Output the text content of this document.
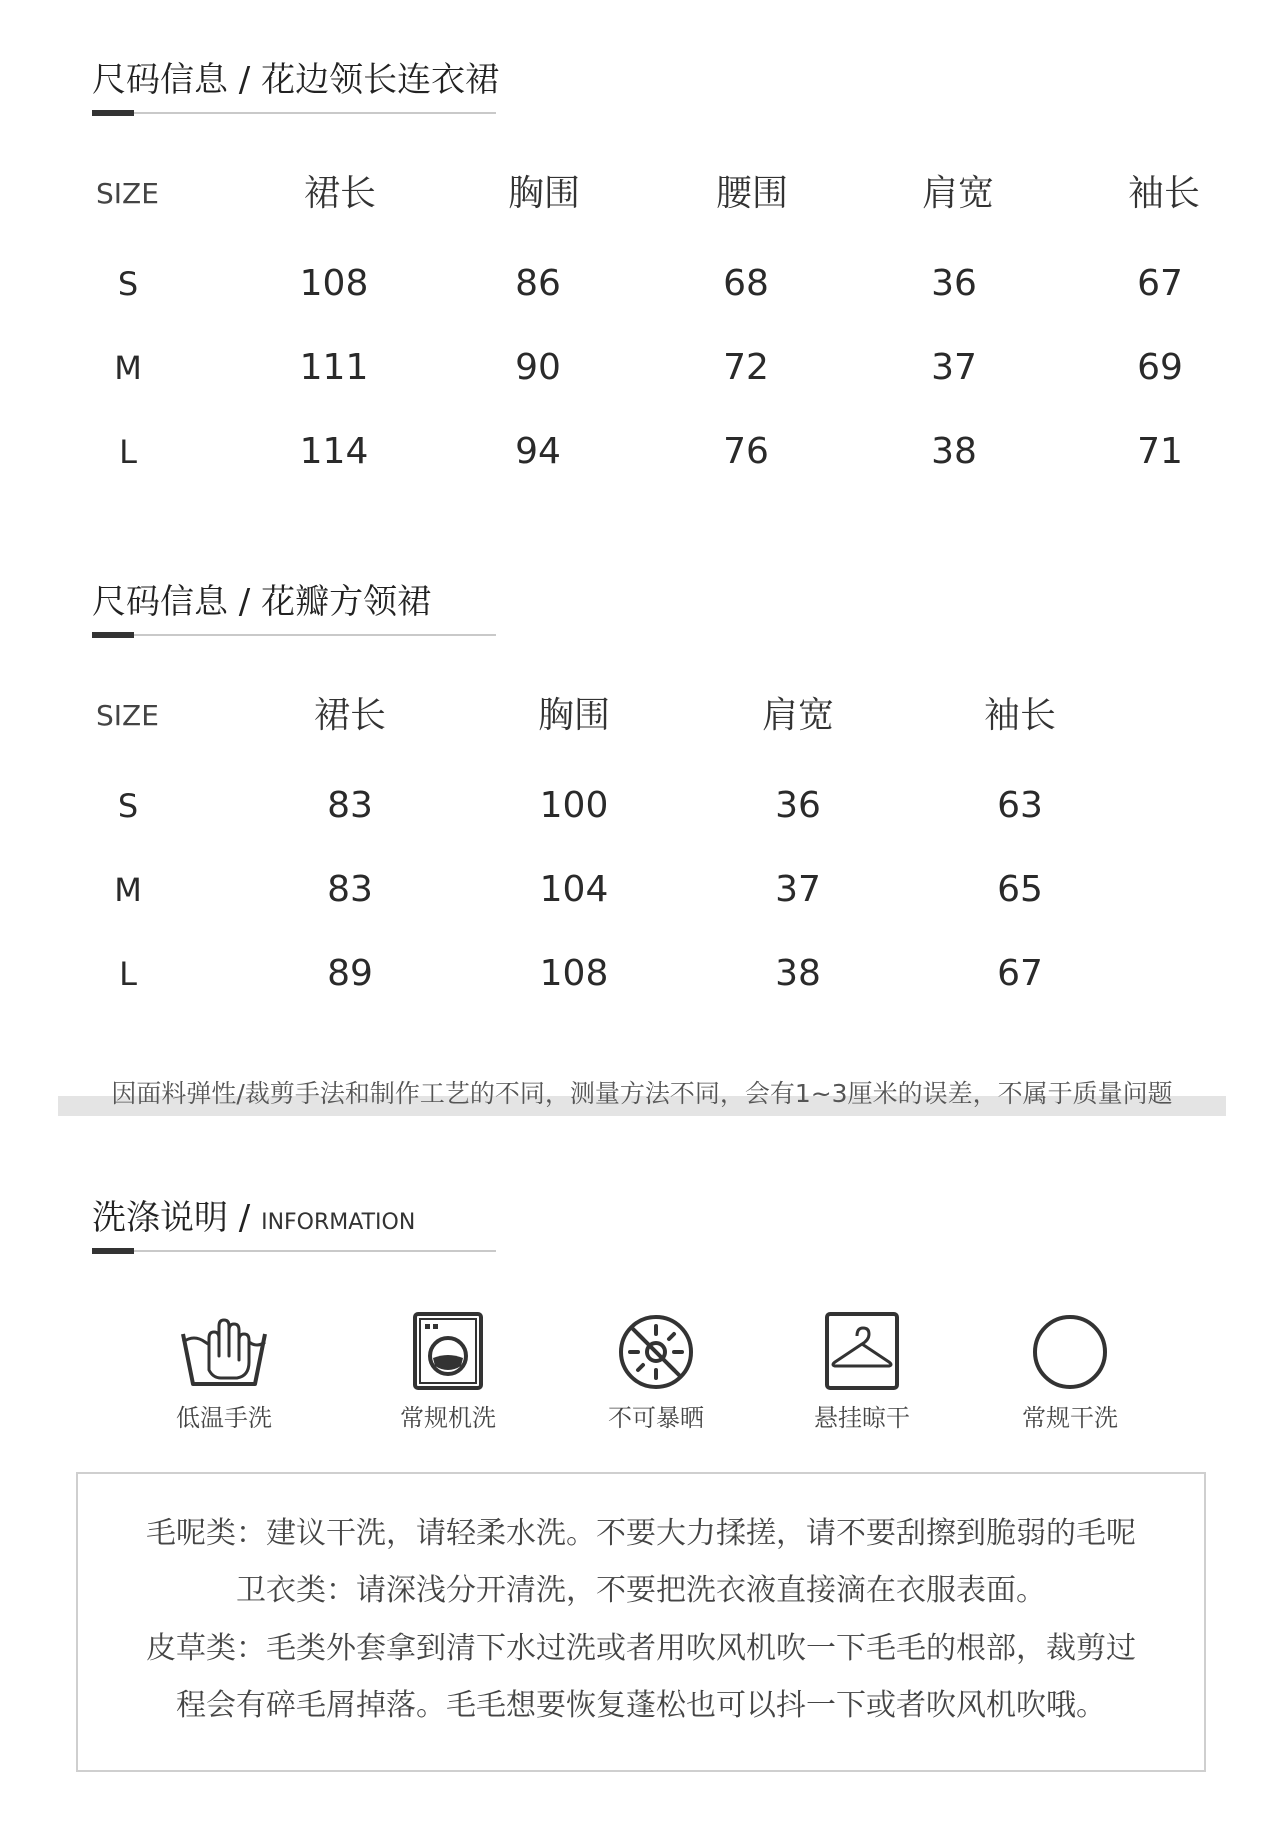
尺码信息 / 花边领长连衣裙
SIZE	裙长	胸围	腰围	肩宽	袖长
S	108	86	68	36	67
M	111	90	72	37	69
L	114	94	76	38	71
尺码信息 / 花瓣方领裙
SIZE	裙长	胸围	肩宽	袖长
S	83	100	36	63
M	83	104	37	65
L	89	108	38	67
因面料弹性/裁剪手法和制作工艺的不同，测量方法不同，会有1~3厘米的误差，不属于质量问题
洗涤说明 / INFORMATION
低温手洗	常规机洗	不可暴晒	悬挂晾干	常规干洗
毛呢类：建议干洗，请轻柔水洗。不要大力揉搓，请不要刮擦到脆弱的毛呢
卫衣类：请深浅分开清洗，不要把洗衣液直接滴在衣服表面。
皮草类：毛类外套拿到清下水过洗或者用吹风机吹一下毛毛的根部，裁剪过
程会有碎毛屑掉落。毛毛想要恢复蓬松也可以抖一下或者吹风机吹哦。
